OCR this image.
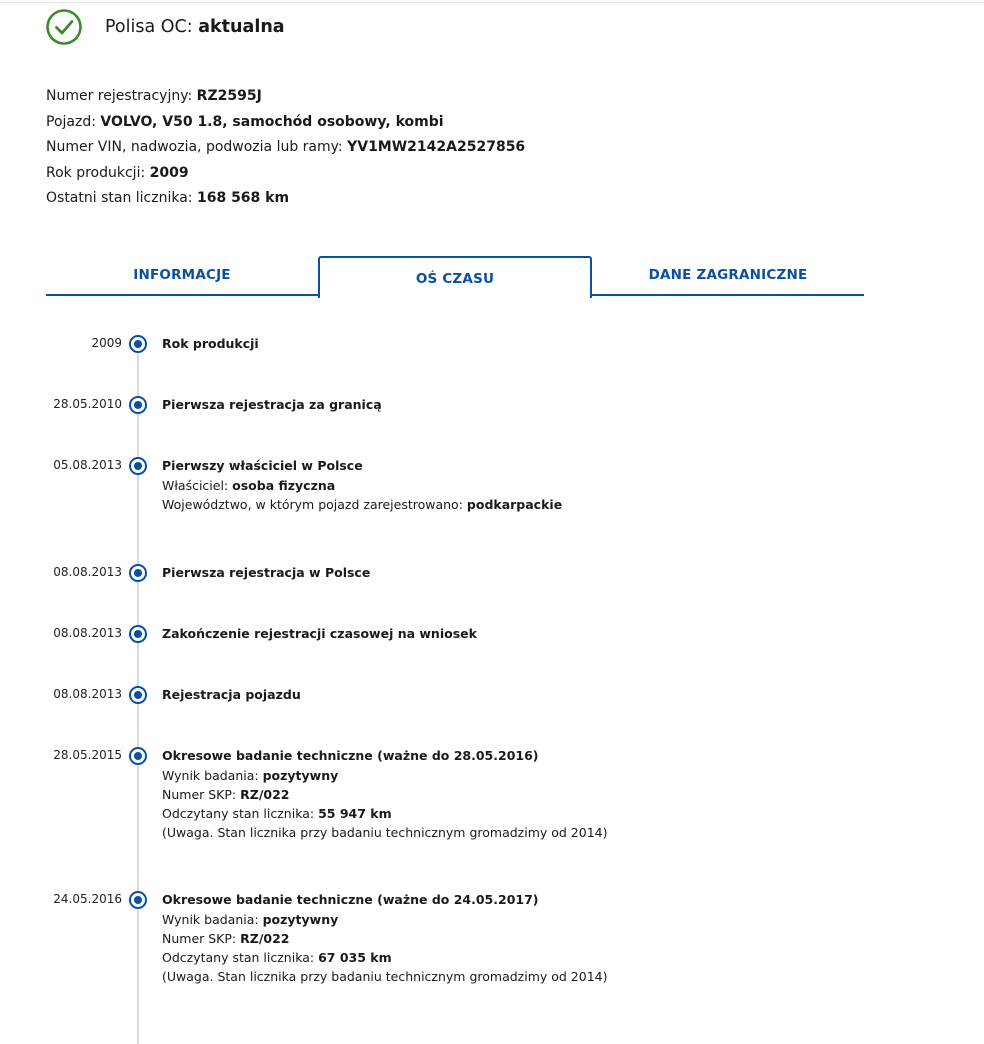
Polisa OC: aktualna
Numer rejestracyjny: RZ2595J
Pojazd: VOLVO, V50 1.8, samochód osobowy, kombi
Numer VIN, nadwozia, podwozia lub ramy: YV1MW2142A2527856
Rok produkcji: 2009
Ostatni stan licznika: 168 568 km
INFORMACJE	OŚ CZASU	DANE ZAGRANICZNE
2009	Rok produkcji
28.05.2010	Pierwsza rejestracja za granicą
05.08.2013	Pierwszy właściciel w Polsce
Właściciel: osoba fizyczna
Województwo, w którym pojazd zarejestrowano: podkarpackie
08.08.2013	Pierwsza rejestracja w Polsce
08.08.2013	Zakończenie rejestracji czasowej na wniosek
08.08.2013	Rejestracja pojazdu
28.05.2015	Okresowe badanie techniczne (ważne do 28.05.2016)
Wynik badania: pozytywny
Numer SKP: RZ/022
Odczytany stan licznika: 55 947 km
(Uwaga. Stan licznika przy badaniu technicznym gromadzimy od 2014)
24.05.2016	Okresowe badanie techniczne (ważne do 24.05.2017)
Wynik badania: pozytywny
Numer SKP: RZ/022
Odczytany stan licznika: 67 035 km
(Uwaga. Stan licznika przy badaniu technicznym gromadzimy od 2014)
